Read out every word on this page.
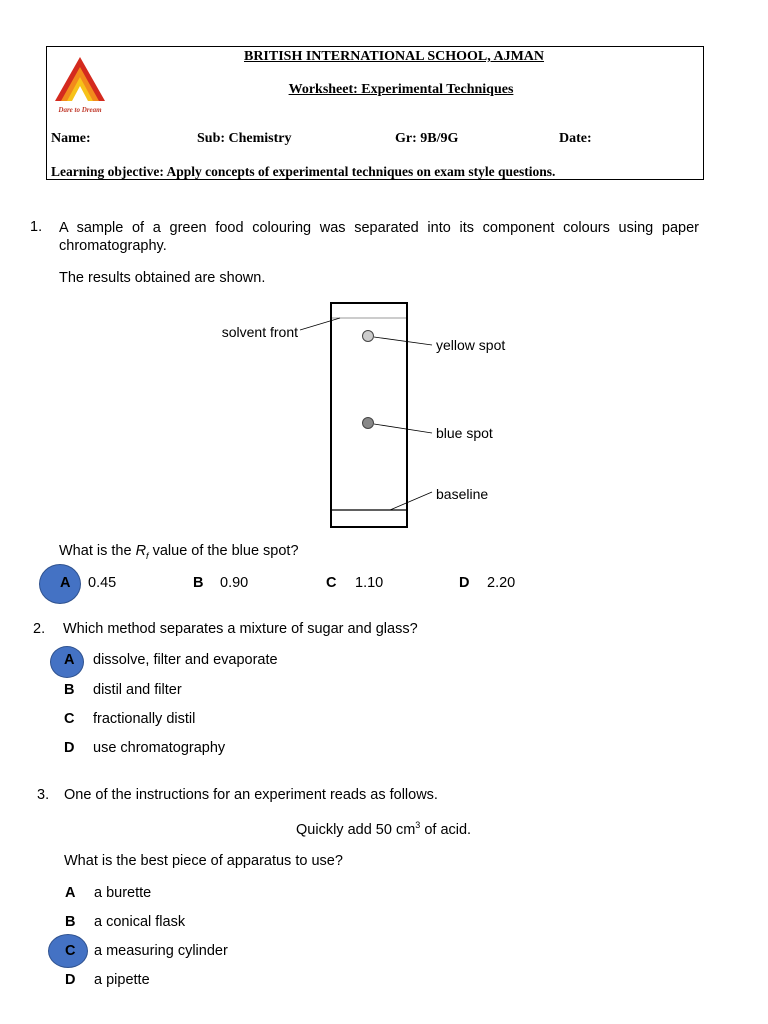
Dare to Dream
BRITISH INTERNATIONAL SCHOOL, AJMAN
Worksheet: Experimental Techniques
Name:	Sub: Chemistry	Gr: 9B/9G	Date:
Learning objective: Apply concepts of experimental techniques on exam style questions.
1. A sample of a green food colouring was separated into its component colours using paper chromatography.
The results obtained are shown.
solvent front
yellow spot
blue spot
baseline
What is the $R_f$ value of the blue spot?
A 0.45	B 0.90	C 1.10	D 2.20
2. Which method separates a mixture of sugar and glass?
A dissolve, filter and evaporate
B distil and filter
C fractionally distil
D use chromatography
3. One of the instructions for an experiment reads as follows.
Quickly add 50 $cm^3$ of acid.
What is the best piece of apparatus to use?
A a burette
B a conical flask
C a measuring cylinder
D a pipette
